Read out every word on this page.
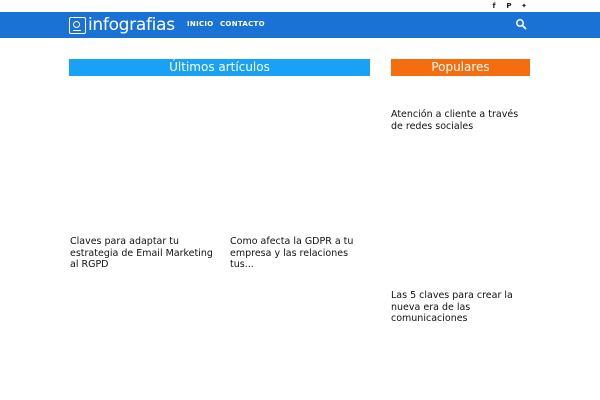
f	P	✦
infografias INICIO CONTACTO
Últimos artículos	Populares
Claves para adaptar tu estrategia de Email Marketing al RGPD
Como afecta la GDPR a tu empresa y las relaciones tus...
Atención a cliente a través de redes sociales
Las 5 claves para crear la nueva era de las comunicaciones
